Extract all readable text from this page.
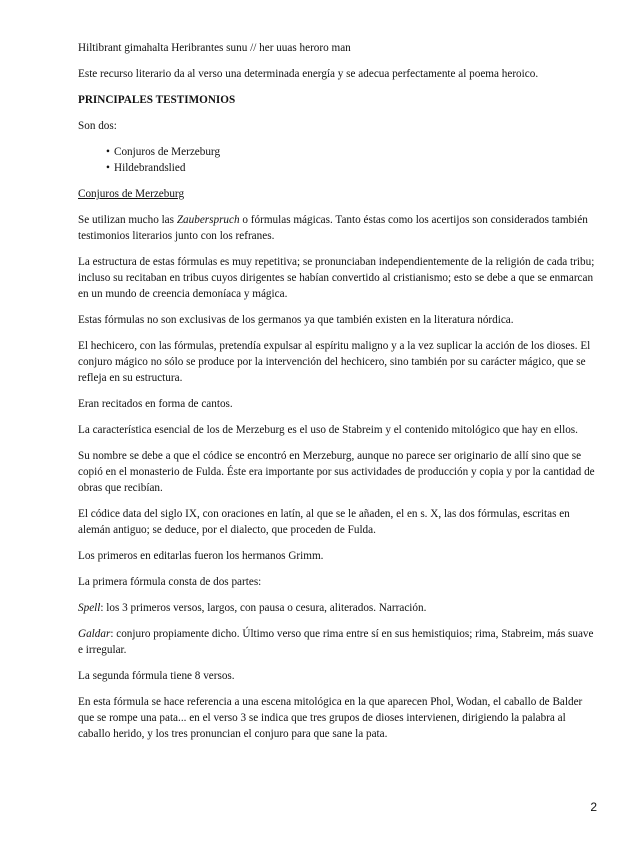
Hiltibrant gimahalta Heribrantes sunu // her uuas heroro man

Este recurso literario da al verso una determinada energía y se adecua perfectamente al poema heroico.

PRINCIPALES TESTIMONIOS

Son dos:

• Conjuros de Merzeburg
• Hildebrandslied

Conjuros de Merzeburg

Se utilizan mucho las Zauberspruch o fórmulas mágicas. Tanto éstas como los acertijos son considerados también testimonios literarios junto con los refranes.

La estructura de estas fórmulas es muy repetitiva; se pronunciaban independientemente de la religión de cada tribu; incluso su recitaban en tribus cuyos dirigentes se habían convertido al cristianismo; esto se debe a que se enmarcan en un mundo de creencia demoníaca y mágica.

Estas fórmulas no son exclusivas de los germanos ya que también existen en la literatura nórdica.

El hechicero, con las fórmulas, pretendía expulsar al espíritu maligno y a la vez suplicar la acción de los dioses. El conjuro mágico no sólo se produce por la intervención del hechicero, sino también por su carácter mágico, que se refleja en su estructura.

Eran recitados en forma de cantos.

La característica esencial de los de Merzeburg es el uso de Stabreim y el contenido mitológico que hay en ellos.

Su nombre se debe a que el códice se encontró en Merzeburg, aunque no parece ser originario de allí sino que se copió en el monasterio de Fulda. Éste era importante por sus actividades de producción y copia y por la cantidad de obras que recibían.

El códice data del siglo IX, con oraciones en latín, al que se le añaden, el en s. X, las dos fórmulas, escritas en alemán antiguo; se deduce, por el dialecto, que proceden de Fulda.

Los primeros en editarlas fueron los hermanos Grimm.

La primera fórmula consta de dos partes:

Spell: los 3 primeros versos, largos, con pausa o cesura, aliterados. Narración.

Galdar: conjuro propiamente dicho. Último verso que rima entre sí en sus hemistiquios; rima, Stabreim, más suave e irregular.

La segunda fórmula tiene 8 versos.

En esta fórmula se hace referencia a una escena mitológica en la que aparecen Phol, Wodan, el caballo de Balder que se rompe una pata... en el verso 3 se indica que tres grupos de dioses intervienen, dirigiendo la palabra al caballo herido, y los tres pronuncian el conjuro para que sane la pata.

2
